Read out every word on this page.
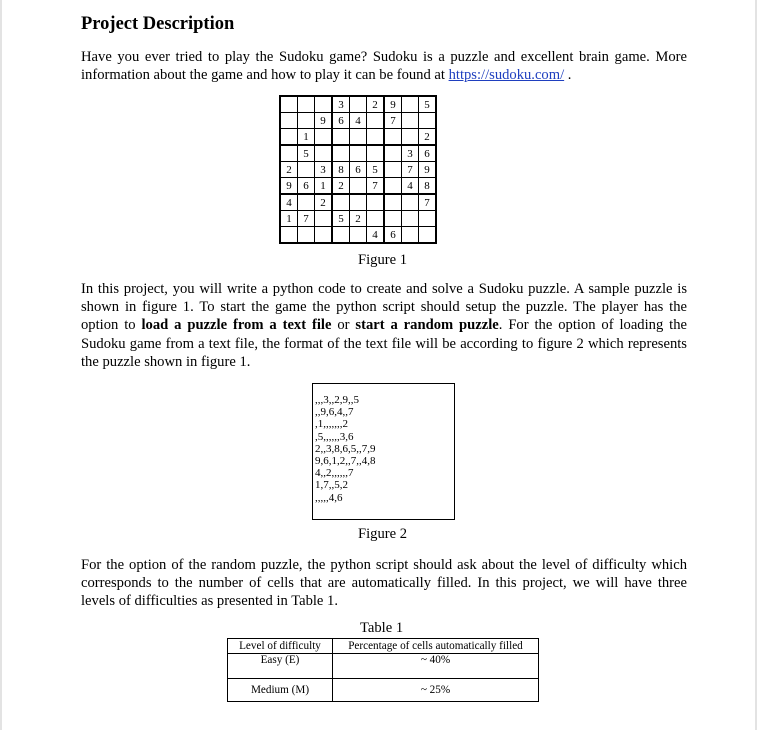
Project Description

Have you ever tried to play the Sudoku game? Sudoku is a puzzle and excellent brain game. More information about the game and how to play it can be found at https://sudoku.com/ .

			3		2	9		5
		9	6	4		7		
	1							2
	5						3	6
2		3	8	6	5		7	9
9	6	1	2		7		4	8
4		2						7
1	7		5	2				
					4	6		
Figure 1

In this project, you will write a python code to create and solve a Sudoku puzzle. A sample puzzle is shown in figure 1. To start the game the python script should setup the puzzle. The player has the option to load a puzzle from a text file or start a random puzzle. For the option of loading the Sudoku game from a text file, the format of the text file will be according to figure 2 which represents the puzzle shown in figure 1.

,,,3,,2,9,,5
,,9,6,4,,7
,1,,,,,,,2
,5,,,,,,3,6
2,,3,8,6,5,,7,9
9,6,1,2,,7,,4,8
4,,2,,,,,,7
1,7,,5,2
,,,,,4,6
Figure 2

For the option of the random puzzle, the python script should ask about the level of difficulty which corresponds to the number of cells that are automatically filled. In this project, we will have three levels of difficulties as presented in Table 1.

Table 1
Level of difficulty	Percentage of cells automatically filled
Easy (E)	~ 40%
Medium (M)	~ 25%
